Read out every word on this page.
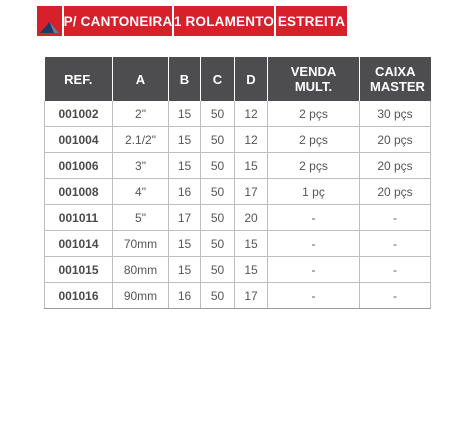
P/ CANTONEIRA 1 ROLAMENTO ESTREITA
REF.	A	B	C	D	VENDA MULT.	CAIXA MASTER
001002	2"	15	50	12	2 pçs	30 pçs
001004	2.1/2"	15	50	12	2 pçs	20 pçs
001006	3"	15	50	15	2 pçs	20 pçs
001008	4"	16	50	17	1 pç	20 pçs
001011	5"	17	50	20	-	-
001014	70mm	15	50	15	-	-
001015	80mm	15	50	15	-	-
001016	90mm	16	50	17	-	-
